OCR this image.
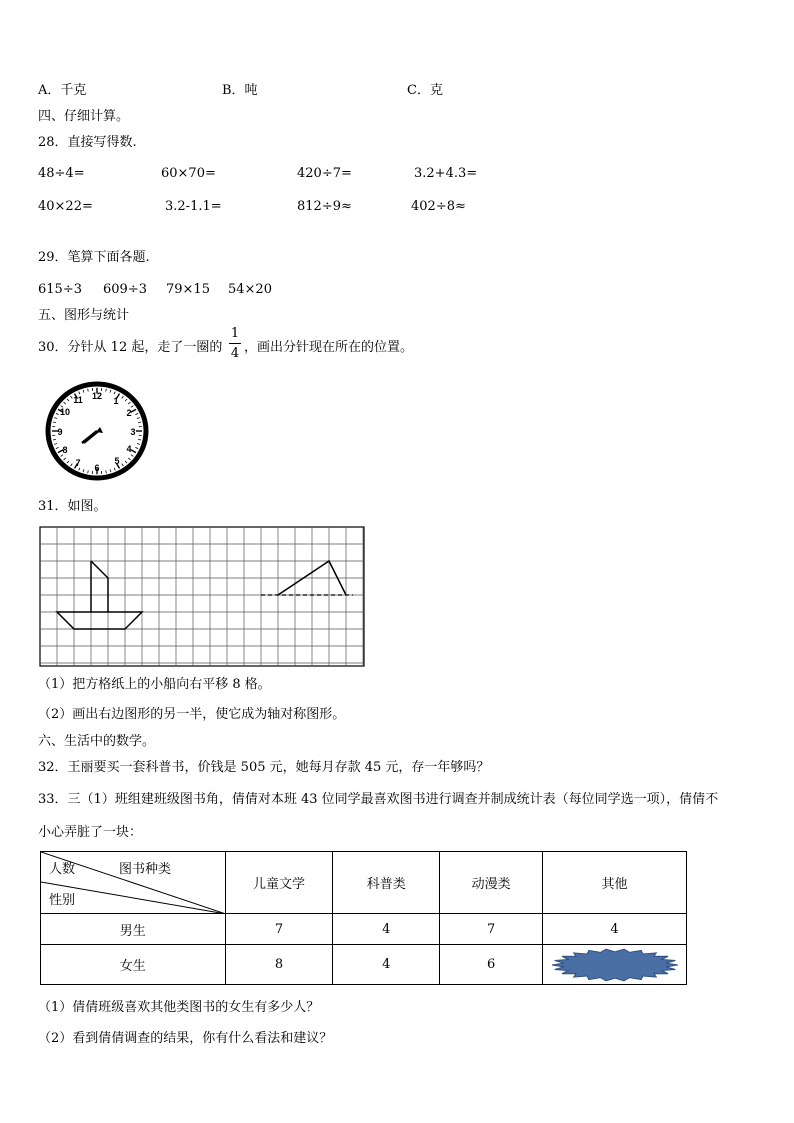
A．千克	B．吨	C．克
四、仔细计算。
28．直接写得数.
48÷4=	60×70=	420÷7=	3.2+4.3=
40×22=	3.2-1.1=	812÷9≈	402÷8≈
29．笔算下面各题.
615÷3 609÷3 79×15 54×20
五、图形与统计
30．分针从 12 起，走了一圈的
1
4 ，画出分针现在所在的位置。
12 1
2
3
4
5
6
7
8
9
10
11
31．如图。
（1）把方格纸上的小船向右平移 8 格。
（2）画出右边图形的另一半，使它成为轴对称图形。
六、生活中的数学。
32．王丽要买一套科普书，价钱是 505 元，她每月存款 45 元，存一年够吗？
33．三（1）班组建班级图书角，倩倩对本班 43 位同学最喜欢图书进行调查并制成统计表（每位同学选一项），倩倩不
小心弄脏了一块：
人数 图书种类
性别	儿童文学	科普类	动漫类	其他
男生	7	4	7	4
女生	8	4	6	
（1）倩倩班级喜欢其他类图书的女生有多少人？
（2）看到倩倩调查的结果，你有什么看法和建议？
